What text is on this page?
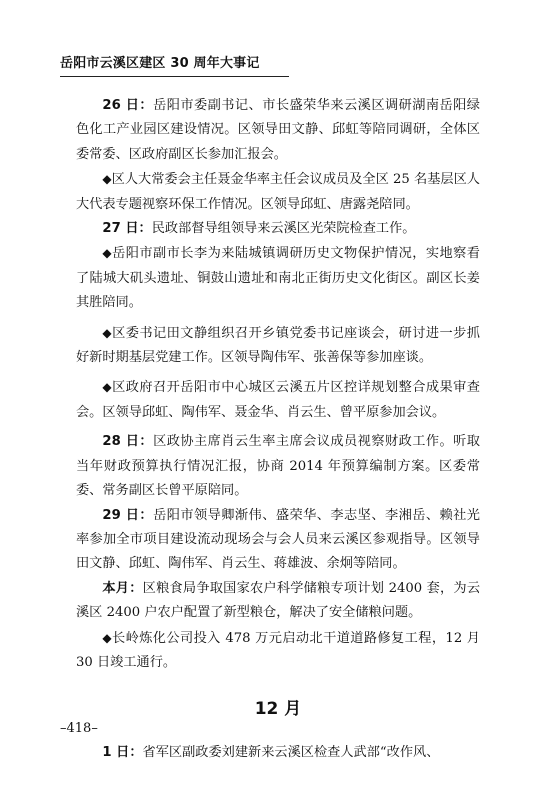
岳阳市云溪区建区 30 周年大事记

26 日：岳阳市委副书记、市长盛荣华来云溪区调研湖南岳阳绿色化工产业园区建设情况。区领导田文静、邱虹等陪同调研，全体区委常委、区政府副区长参加汇报会。

◆区人大常委会主任聂金华率主任会议成员及全区 25 名基层区人大代表专题视察环保工作情况。区领导邱虹、唐露尧陪同。

27 日：民政部督导组领导来云溪区光荣院检查工作。

◆岳阳市副市长李为来陆城镇调研历史文物保护情况，实地察看了陆城大矶头遗址、铜鼓山遗址和南北正街历史文化街区。副区长姜其胜陪同。

◆区委书记田文静组织召开乡镇党委书记座谈会，研讨进一步抓好新时期基层党建工作。区领导陶伟军、张善保等参加座谈。

◆区政府召开岳阳市中心城区云溪五片区控详规划整合成果审查会。区领导邱虹、陶伟军、聂金华、肖云生、曾平原参加会议。

28 日：区政协主席肖云生率主席会议成员视察财政工作。听取当年财政预算执行情况汇报，协商 2014 年预算编制方案。区委常委、常务副区长曾平原陪同。

29 日：岳阳市领导卿渐伟、盛荣华、李志坚、李湘岳、赖社光率参加全市项目建设流动现场会与会人员来云溪区参观指导。区领导田文静、邱虹、陶伟军、肖云生、蒋雄波、余炯等陪同。

本月：区粮食局争取国家农户科学储粮专项计划 2400 套，为云溪区 2400 户农户配置了新型粮仓，解决了安全储粮问题。

◆长岭炼化公司投入 478 万元启动北干道道路修复工程，12 月 30 日竣工通行。

12 月

1 日：省军区副政委刘建新来云溪区检查人武部“改作风、

–418–
